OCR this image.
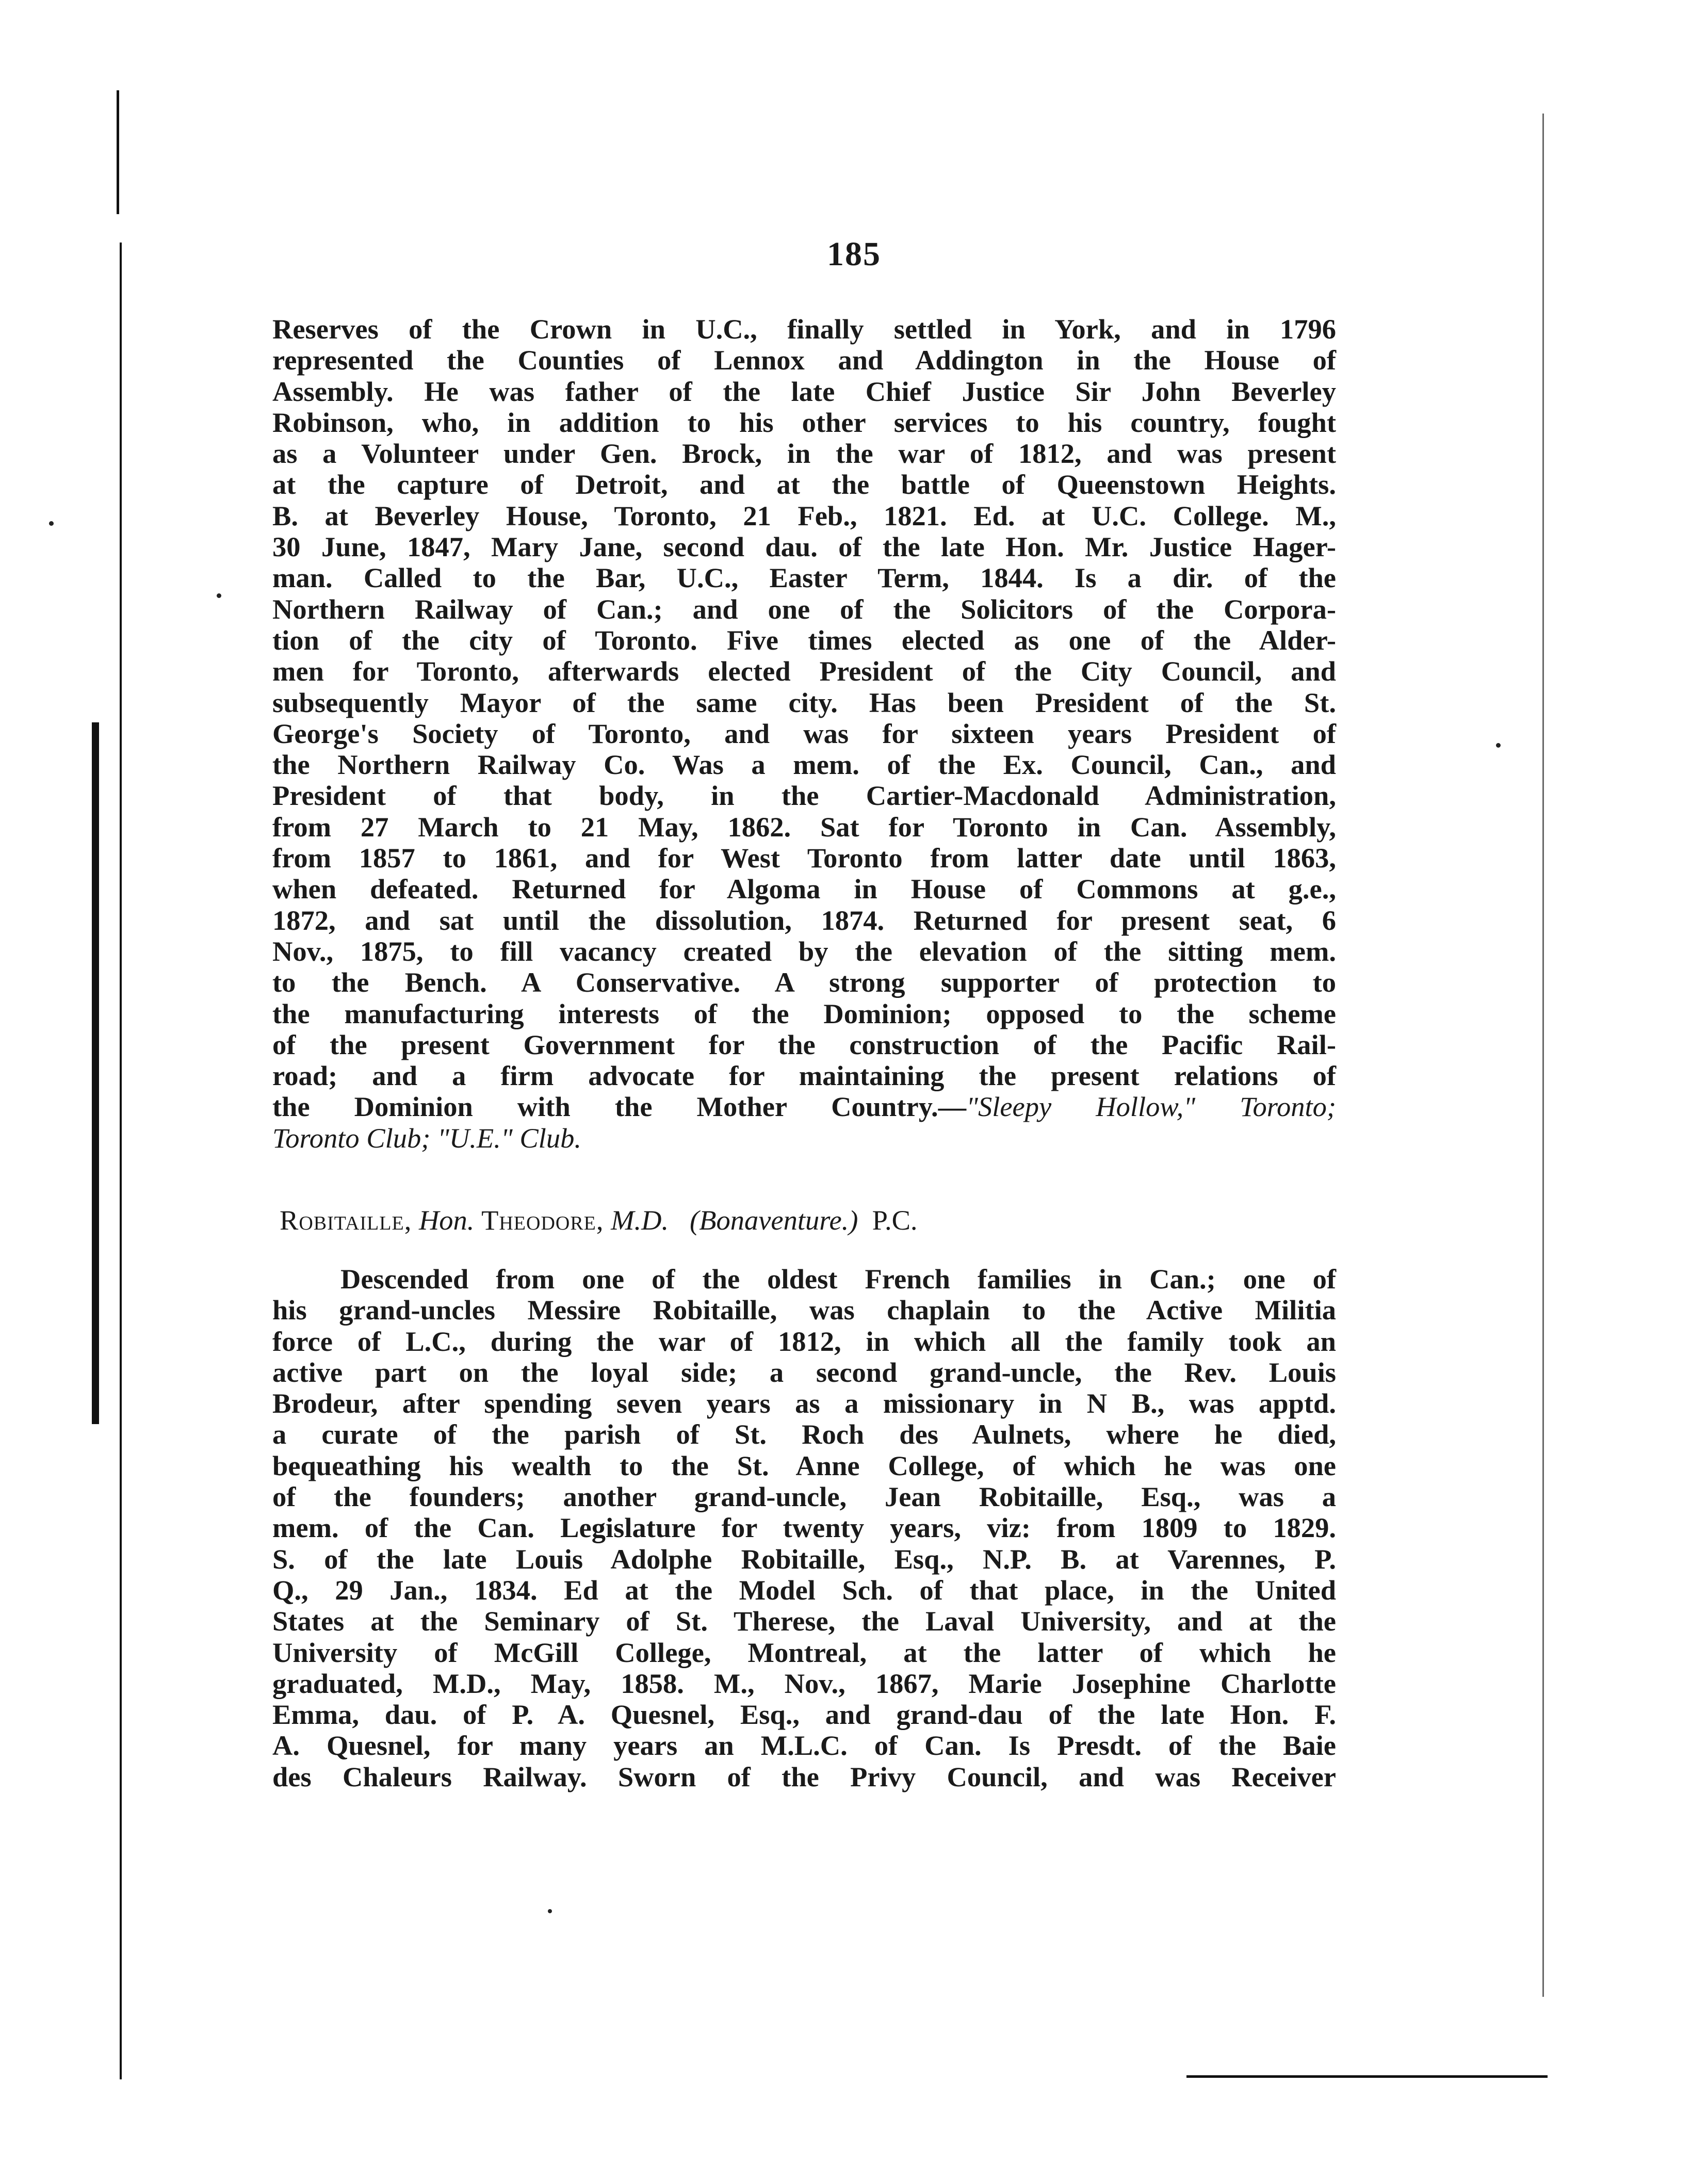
185
Reserves of the Crown in U.C., finally settled in York, and in 1796
represented the Counties of Lennox and Addington in the House of
Assembly. He was father of the late Chief Justice Sir John Beverley
Robinson, who, in addition to his other services to his country, fought
as a Volunteer under Gen. Brock, in the war of 1812, and was present
at the capture of Detroit, and at the battle of Queenstown Heights.
B. at Beverley House, Toronto, 21 Feb., 1821. Ed. at U.C. College. M.,
30 June, 1847, Mary Jane, second dau. of the late Hon. Mr. Justice Hager-
man. Called to the Bar, U.C., Easter Term, 1844. Is a dir. of the
Northern Railway of Can.; and one of the Solicitors of the Corpora-
tion of the city of Toronto. Five times elected as one of the Alder-
men for Toronto, afterwards elected President of the City Council, and
subsequently Mayor of the same city. Has been President of the St.
George's Society of Toronto, and was for sixteen years President of
the Northern Railway Co. Was a mem. of the Ex. Council, Can., and
President of that body, in the Cartier-Macdonald Administration,
from 27 March to 21 May, 1862. Sat for Toronto in Can. Assembly,
from 1857 to 1861, and for West Toronto from latter date until 1863,
when defeated. Returned for Algoma in House of Commons at g.e.,
1872, and sat until the dissolution, 1874. Returned for present seat, 6
Nov., 1875, to fill vacancy created by the elevation of the sitting mem.
to the Bench. A Conservative. A strong supporter of protection to
the manufacturing interests of the Dominion; opposed to the scheme
of the present Government for the construction of the Pacific Rail-
road; and a firm advocate for maintaining the present relations of
the Dominion with the Mother Country.—"Sleepy Hollow," Toronto;
Toronto Club; "U.E." Club.
Robitaille, Hon. Theodore, M.D. (Bonaventure.) P.C.
Descended from one of the oldest French families in Can.; one of
his grand-uncles Messire Robitaille, was chaplain to the Active Militia
force of L.C., during the war of 1812, in which all the family took an
active part on the loyal side; a second grand-uncle, the Rev. Louis
Brodeur, after spending seven years as a missionary in N B., was apptd.
a curate of the parish of St. Roch des Aulnets, where he died,
bequeathing his wealth to the St. Anne College, of which he was one
of the founders; another grand-uncle, Jean Robitaille, Esq., was a
mem. of the Can. Legislature for twenty years, viz: from 1809 to 1829.
S. of the late Louis Adolphe Robitaille, Esq., N.P. B. at Varennes, P.
Q., 29 Jan., 1834. Ed at the Model Sch. of that place, in the United
States at the Seminary of St. Therese, the Laval University, and at the
University of McGill College, Montreal, at the latter of which he
graduated, M.D., May, 1858. M., Nov., 1867, Marie Josephine Charlotte
Emma, dau. of P. A. Quesnel, Esq., and grand-dau of the late Hon. F.
A. Quesnel, for many years an M.L.C. of Can. Is Presdt. of the Baie
des Chaleurs Railway. Sworn of the Privy Council, and was Receiver
